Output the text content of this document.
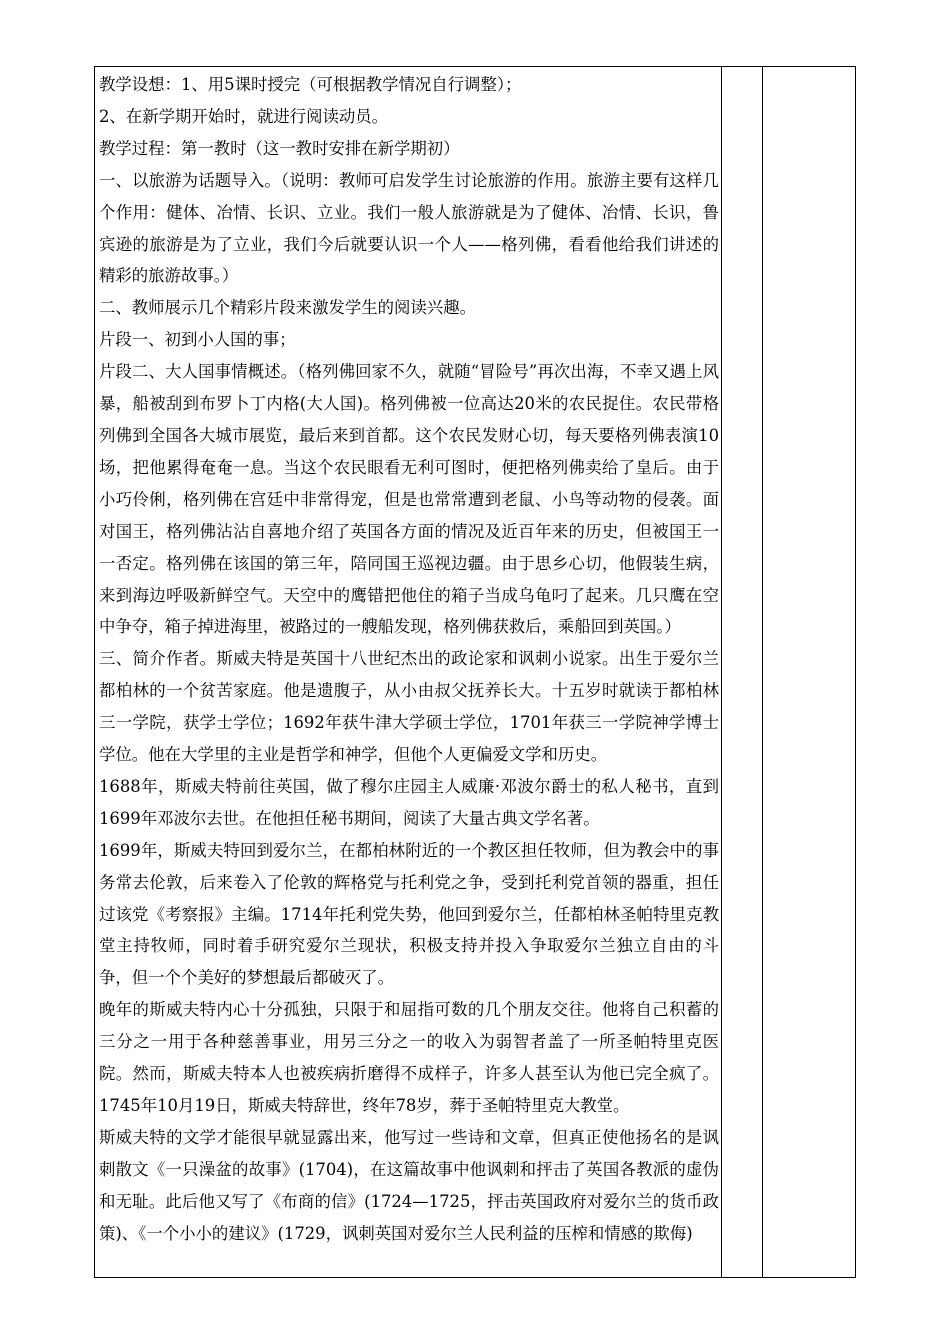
教学设想：1、用5课时授完（可根据教学情况自行调整）；

2、在新学期开始时，就进行阅读动员。

教学过程：第一教时（这一教时安排在新学期初）

一、以旅游为话题导入。（说明：教师可启发学生讨论旅游的作用。旅游主要有这样几个作用：健体、冶情、长识、立业。我们一般人旅游就是为了健体、冶情、长识，鲁宾逊的旅游是为了立业，我们今后就要认识一个人——格列佛，看看他给我们讲述的精彩的旅游故事。）

二、教师展示几个精彩片段来激发学生的阅读兴趣。

片段一、初到小人国的事；

片段二、大人国事情概述。（格列佛回家不久，就随“冒险号”再次出海，不幸又遇上风暴，船被刮到布罗卜丁内格(大人国)。格列佛被一位高达20米的农民捉住。农民带格列佛到全国各大城市展览，最后来到首都。这个农民发财心切，每天要格列佛表演10场，把他累得奄奄一息。当这个农民眼看无利可图时，便把格列佛卖给了皇后。由于小巧伶俐，格列佛在宫廷中非常得宠，但是也常常遭到老鼠、小鸟等动物的侵袭。面对国王，格列佛沾沾自喜地介绍了英国各方面的情况及近百年来的历史，但被国王一一否定。格列佛在该国的第三年，陪同国王巡视边疆。由于思乡心切，他假装生病，来到海边呼吸新鲜空气。天空中的鹰错把他住的箱子当成乌龟叼了起来。几只鹰在空中争夺，箱子掉进海里，被路过的一艘船发现，格列佛获救后，乘船回到英国。）

三、简介作者。斯威夫特是英国十八世纪杰出的政论家和讽刺小说家。出生于爱尔兰都柏林的一个贫苦家庭。他是遗腹子，从小由叔父抚养长大。十五岁时就读于都柏林三一学院，获学士学位；1692年获牛津大学硕士学位，1701年获三一学院神学博士学位。他在大学里的主业是哲学和神学，但他个人更偏爱文学和历史。

1688年，斯威夫特前往英国，做了穆尔庄园主人威廉·邓波尔爵士的私人秘书，直到1699年邓波尔去世。在他担任秘书期间，阅读了大量古典文学名著。

1699年，斯威夫特回到爱尔兰，在都柏林附近的一个教区担任牧师，但为教会中的事务常去伦敦，后来卷入了伦敦的辉格党与托利党之争，受到托利党首领的器重，担任过该党《考察报》主编。1714年托利党失势，他回到爱尔兰，任都柏林圣帕特里克教堂主持牧师，同时着手研究爱尔兰现状，积极支持并投入争取爱尔兰独立自由的斗争，但一个个美好的梦想最后都破灭了。

晚年的斯威夫特内心十分孤独，只限于和屈指可数的几个朋友交往。他将自己积蓄的三分之一用于各种慈善事业，用另三分之一的收入为弱智者盖了一所圣帕特里克医院。然而，斯威夫特本人也被疾病折磨得不成样子，许多人甚至认为他已完全疯了。1745年10月19日，斯威夫特辞世，终年78岁，葬于圣帕特里克大教堂。

斯威夫特的文学才能很早就显露出来，他写过一些诗和文章，但真正使他扬名的是讽刺散文《一只澡盆的故事》(1704)，在这篇故事中他讽刺和抨击了英国各教派的虚伪和无耻。此后他又写了《布商的信》(1724—1725，抨击英国政府对爱尔兰的货币政策)、《一个小小的建议》(1729，讽刺英国对爱尔兰人民利益的压榨和情感的欺侮)
